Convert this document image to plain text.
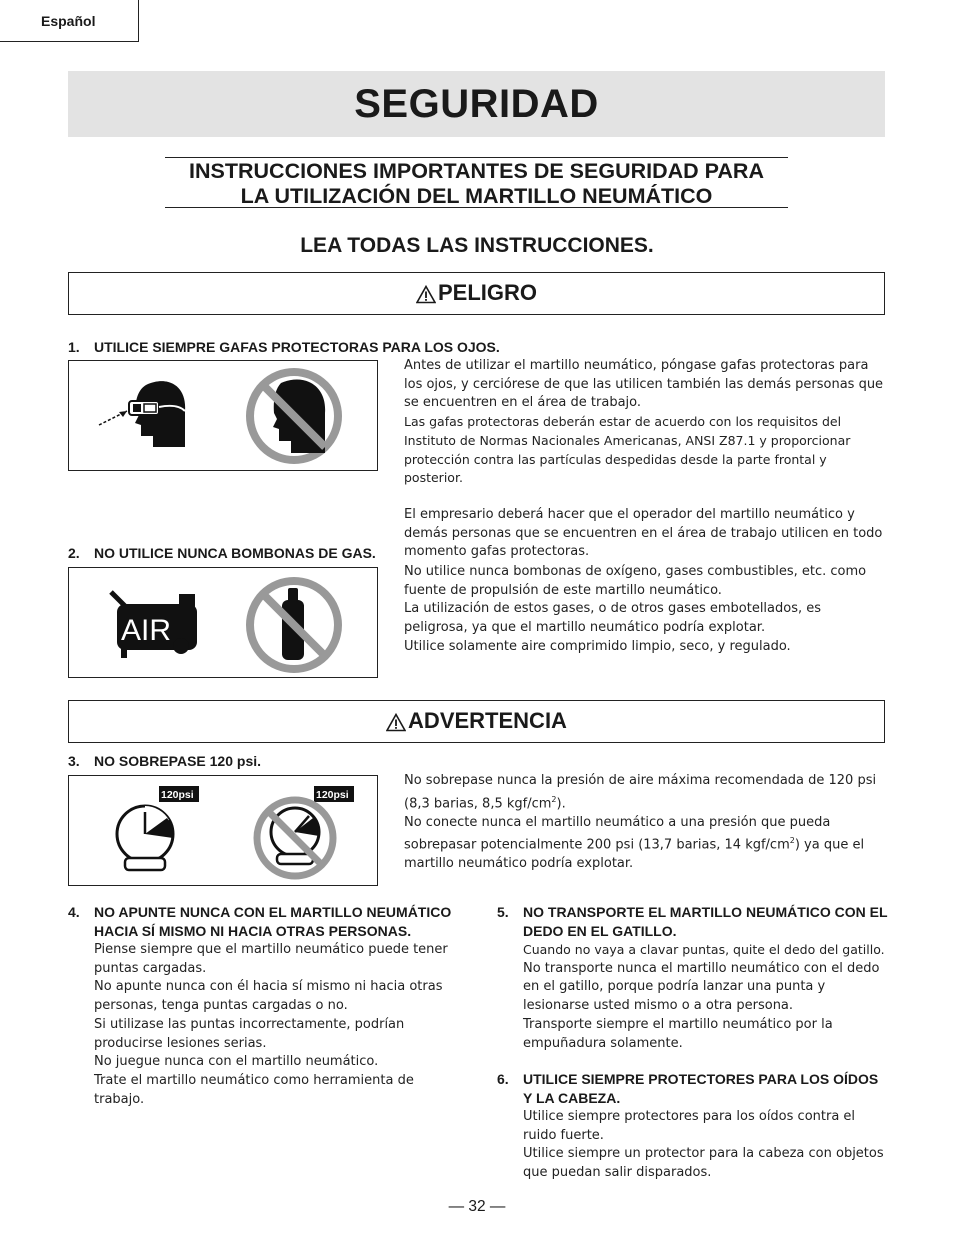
Español
SEGURIDAD
INSTRUCCIONES IMPORTANTES DE SEGURIDAD PARA
LA UTILIZACIÓN DEL MARTILLO NEUMÁTICO
LEA TODAS LAS INSTRUCCIONES.
PELIGRO
1. UTILICE SIEMPRE GAFAS PROTECTORAS PARA LOS OJOS.

Antes de utilizar el martillo neumático, póngase gafas protectoras para los ojos, y cerciórese de que las utilicen también las demás personas que se encuentren en el área de trabajo.

Las gafas protectoras deberán estar de acuerdo con los requisitos del Instituto de Normas Nacionales Americanas, ANSI Z87.1 y proporcionar protección contra las partículas despedidas desde la parte frontal y posterior.

El empresario deberá hacer que el operador del martillo neumático y demás personas que se encuentren en el área de trabajo utilicen en todo momento gafas protectoras.

2. NO UTILICE NUNCA BOMBONAS DE GAS.
AIR

No utilice nunca bombonas de oxígeno, gases combustibles, etc. como fuente de propulsión de este martillo neumático.

La utilización de estos gases, o de otros gases embotellados, es peligrosa, ya que el martillo neumático podría explotar.

Utilice solamente aire comprimido limpio, seco, y regulado.

ADVERTENCIA
3. NO SOBREPASE 120 psi.
120psi	120psi

No sobrepase nunca la presión de aire máxima recomendada de 120 psi (8,3 barias, 8,5 kgf/$cm^2$).

No conecte nunca el martillo neumático a una presión que pueda sobrepasar potencialmente 200 psi (13,7 barias, 14 kgf/$cm^2$) ya que el martillo neumático podría explotar.

4. NO APUNTE NUNCA CON EL MARTILLO NEUMÁTICO HACIA SÍ MISMO NI HACIA OTRAS PERSONAS.

Piense siempre que el martillo neumático puede tener puntas cargadas.

No apunte nunca con él hacia sí mismo ni hacia otras personas, tenga puntas cargadas o no.

Si utilizase las puntas incorrectamente, podrían producirse lesiones serias.

No juegue nunca con el martillo neumático.

Trate el martillo neumático como herramienta de trabajo.

5. NO TRANSPORTE EL MARTILLO NEUMÁTICO CON EL DEDO EN EL GATILLO.

Cuando no vaya a clavar puntas, quite el dedo del gatillo.

No transporte nunca el martillo neumático con el dedo en el gatillo, porque podría lanzar una punta y lesionarse usted mismo o a otra persona.

Transporte siempre el martillo neumático por la empuñadura solamente.

6. UTILICE SIEMPRE PROTECTORES PARA LOS OÍDOS Y LA CABEZA.

Utilice siempre protectores para los oídos contra el ruido fuerte.

Utilice siempre un protector para la cabeza con objetos que puedan salir disparados.

— 32 —
